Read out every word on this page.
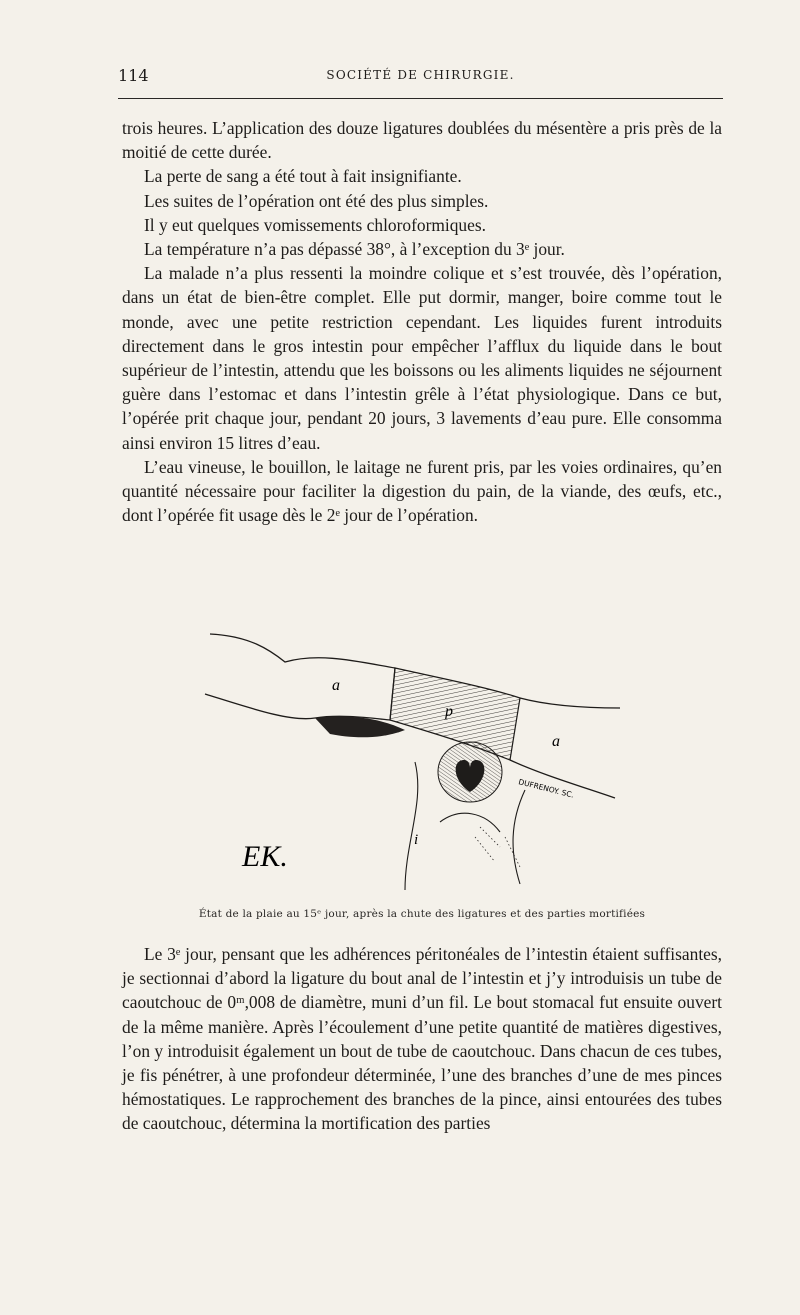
114	SOCIÉTÉ DE CHIRURGIE.

trois heures. L’application des douze ligatures doublées du mésentère a pris près de la moitié de cette durée.

La perte de sang a été tout à fait insignifiante.

Les suites de l’opération ont été des plus simples.

Il y eut quelques vomissements chloroformiques.

La température n’a pas dépassé 38°, à l’exception du 3ᵉ jour.

La malade n’a plus ressenti la moindre colique et s’est trouvée, dès l’opération, dans un état de bien-être complet. Elle put dormir, manger, boire comme tout le monde, avec une petite restriction cependant. Les liquides furent introduits directement dans le gros intestin pour empêcher l’afflux du liquide dans le bout supérieur de l’intestin, attendu que les boissons ou les aliments liquides ne séjournent guère dans l’estomac et dans l’intestin grêle à l’état physiologique. Dans ce but, l’opérée prit chaque jour, pendant 20 jours, 3 lavements d’eau pure. Elle consomma ainsi environ 15 litres d’eau.

L’eau vineuse, le bouillon, le laitage ne furent pris, par les voies ordinaires, qu’en quantité nécessaire pour faciliter la digestion du pain, de la viande, des œufs, etc., dont l’opérée fit usage dès le 2ᵉ jour de l’opération.

a
p
a
i
DUFRENOY. SC.
EK.
État de la plaie au 15ᵉ jour, après la chute des ligatures et des parties mortifiées

Le 3ᵉ jour, pensant que les adhérences péritonéales de l’intestin étaient suffisantes, je sectionnai d’abord la ligature du bout anal de l’intestin et j’y introduisis un tube de caoutchouc de 0ᵐ,008 de diamètre, muni d’un fil. Le bout stomacal fut ensuite ouvert de la même manière. Après l’écoulement d’une petite quantité de matières digestives, l’on y introduisit également un bout de tube de caoutchouc. Dans chacun de ces tubes, je fis pénétrer, à une profondeur déterminée, l’une des branches d’une de mes pinces hémostatiques. Le rapprochement des branches de la pince, ainsi entourées des tubes de caoutchouc, détermina la mortification des parties
